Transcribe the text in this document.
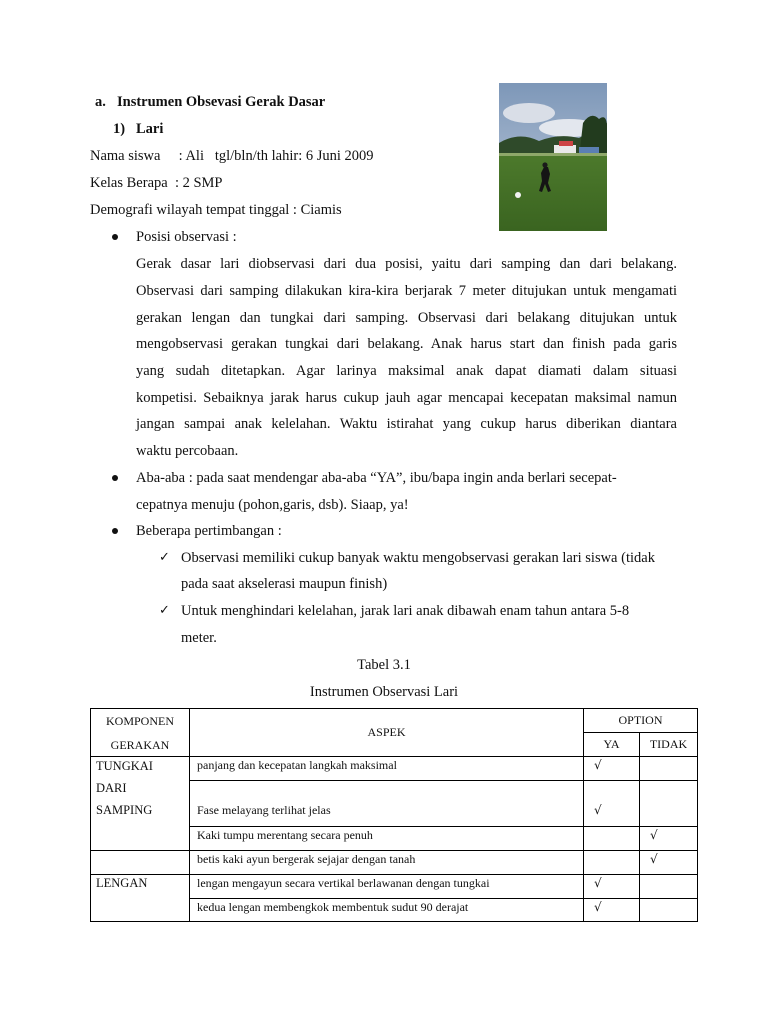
a. Instrumen Obsevasi Gerak Dasar
1) Lari
Nama siswa     : Ali   tgl/bln/th lahir: 6 Juni 2009
Kelas Berapa  : 2 SMP
Demografi wilayah tempat tinggal : Ciamis
Posisi observasi :
Gerak dasar lari diobservasi dari dua posisi, yaitu dari samping dan dari belakang.
Observasi dari samping dilakukan kira-kira berjarak 7 meter ditujukan untuk mengamati
gerakan lengan dan tungkai dari samping. Observasi dari belakang ditujukan untuk
mengobservasi gerakan tungkai dari belakang. Anak harus start dan finish pada garis
yang sudah ditetapkan. Agar larinya maksimal anak dapat diamati dalam situasi
kompetisi. Sebaiknya jarak harus cukup jauh agar mencapai kecepatan maksimal namun
jangan sampai anak kelelahan. Waktu istirahat yang cukup harus diberikan diantara
waktu percobaan.
Aba-aba : pada saat mendengar aba-aba “YA”, ibu/bapa ingin anda berlari secepat-
cepatnya menuju (pohon,garis, dsb). Siaap, ya!
Beberapa pertimbangan :
✓ Observasi memiliki cukup banyak waktu mengobservasi gerakan lari siswa (tidak
pada saat akselerasi maupun finish)
✓ Untuk menghindari kelelahan, jarak lari anak dibawah enam tahun antara 5-8
meter.
Tabel 3.1
Instrumen Observasi Lari
KOMPONEN
GERAKAN	ASPEK	OPTION	
		YA	TIDAK

TUNGKAI
DARI
SAMPING	panjang dan kecepatan langkah maksimal	√	

	Fase melayang terlihat jelas	√	

	Kaki tumpu merentang secara penuh		√

	betis kaki ayun bergerak sejajar dengan tanah		√

LENGAN	lengan mengayun secara vertikal berlawanan dengan tungkai	√	

	kedua lengan membengkok membentuk sudut 90 derajat	√	
